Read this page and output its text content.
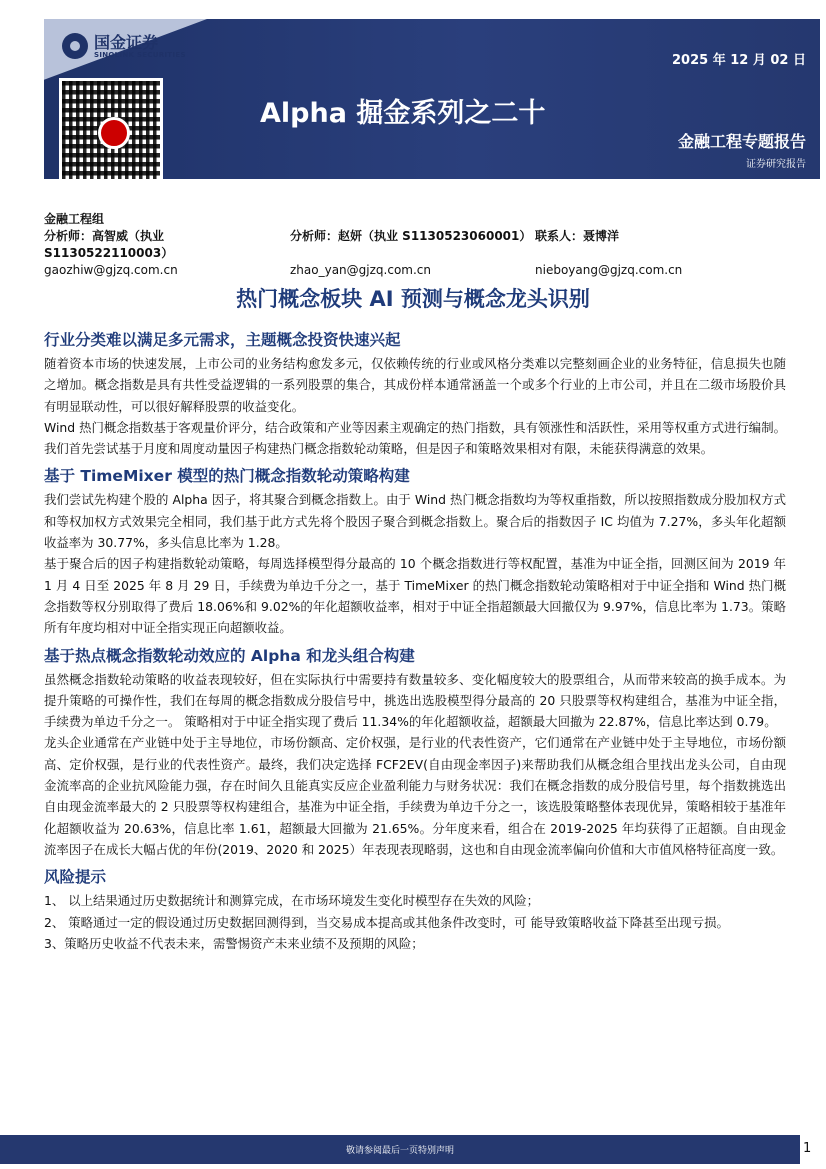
国金证券
SINOLINK SECURITIES	2025 年 12 月 02 日
Alpha 掘金系列之二十
金融工程专题报告
证券研究报告
金融工程组
分析师：高智威（执业 S1130522110003）
分析师：赵妍（执业 S1130523060001） 联系人：聂博洋
gaozhiw@gjzq.com.cn	zhao_yan@gjzq.com.cn	nieboyang@gjzq.com.cn
热门概念板块 AI 预测与概念龙头识别
行业分类难以满足多元需求，主题概念投资快速兴起

随着资本市场的快速发展，上市公司的业务结构愈发多元，仅依赖传统的行业或风格分类难以完整刻画企业的业务特征，信息损失也随之增加。概念指数是具有共性受益逻辑的一系列股票的集合，其成份样本通常涵盖一个或多个行业的上市公司，并且在二级市场股价具有明显联动性，可以很好解释股票的收益变化。

Wind 热门概念指数基于客观量价评分，结合政策和产业等因素主观确定的热门指数，具有领涨性和活跃性，采用等权重方式进行编制。我们首先尝试基于月度和周度动量因子构建热门概念指数轮动策略，但是因子和策略效果相对有限，未能获得满意的效果。

基于 TimeMixer 模型的热门概念指数轮动策略构建

我们尝试先构建个股的 Alpha 因子，将其聚合到概念指数上。由于 Wind 热门概念指数均为等权重指数，所以按照指数成分股加权方式和等权加权方式效果完全相同，我们基于此方式先将个股因子聚合到概念指数上。聚合后的指数因子 IC 均值为 7.27%，多头年化超额收益率为 30.77%，多头信息比率为 1.28。

基于聚合后的因子构建指数轮动策略，每周选择模型得分最高的 10 个概念指数进行等权配置，基准为中证全指，回测区间为 2019 年 1 月 4 日至 2025 年 8 月 29 日，手续费为单边千分之一，基于 TimeMixer 的热门概念指数轮动策略相对于中证全指和 Wind 热门概念指数等权分别取得了费后 18.06%和 9.02%的年化超额收益率，相对于中证全指超额最大回撤仅为 9.97%，信息比率为 1.73。策略所有年度均相对中证全指实现正向超额收益。

基于热点概念指数轮动效应的 Alpha 和龙头组合构建

虽然概念指数轮动策略的收益表现较好，但在实际执行中需要持有数量较多、变化幅度较大的股票组合，从而带来较高的换手成本。为提升策略的可操作性，我们在每周的概念指数成分股信号中，挑选出选股模型得分最高的 20 只股票等权构建组合，基准为中证全指，手续费为单边千分之一。 策略相对于中证全指实现了费后 11.34%的年化超额收益，超额最大回撤为 22.87%，信息比率达到 0.79。

龙头企业通常在产业链中处于主导地位，市场份额高、定价权强，是行业的代表性资产，它们通常在产业链中处于主导地位，市场份额高、定价权强，是行业的代表性资产。最终，我们决定选择 FCF2EV(自由现金率因子)来帮助我们从概念组合里找出龙头公司，自由现金流率高的企业抗风险能力强，存在时间久且能真实反应企业盈利能力与财务状况：我们在概念指数的成分股信号里，每个指数挑选出自由现金流率最大的 2 只股票等权构建组合，基准为中证全指，手续费为单边千分之一，该选股策略整体表现优异，策略相较于基准年化超额收益为 20.63%，信息比率 1.61，超额最大回撤为 21.65%。分年度来看，组合在 2019-2025 年均获得了正超额。自由现金流率因子在成长大幅占优的年份(2019、2020 和 2025）年表现表现略弱，这也和自由现金流率偏向价值和大市值风格特征高度一致。

风险提示

1、 以上结果通过历史数据统计和测算完成，在市场环境发生变化时模型存在失效的风险；

2、 策略通过一定的假设通过历史数据回测得到，当交易成本提高或其他条件改变时，可 能导致策略收益下降甚至出现亏损。

3、策略历史收益不代表未来，需警惕资产未来业绩不及预期的风险；

敬请参阅最后一页特别声明	1
